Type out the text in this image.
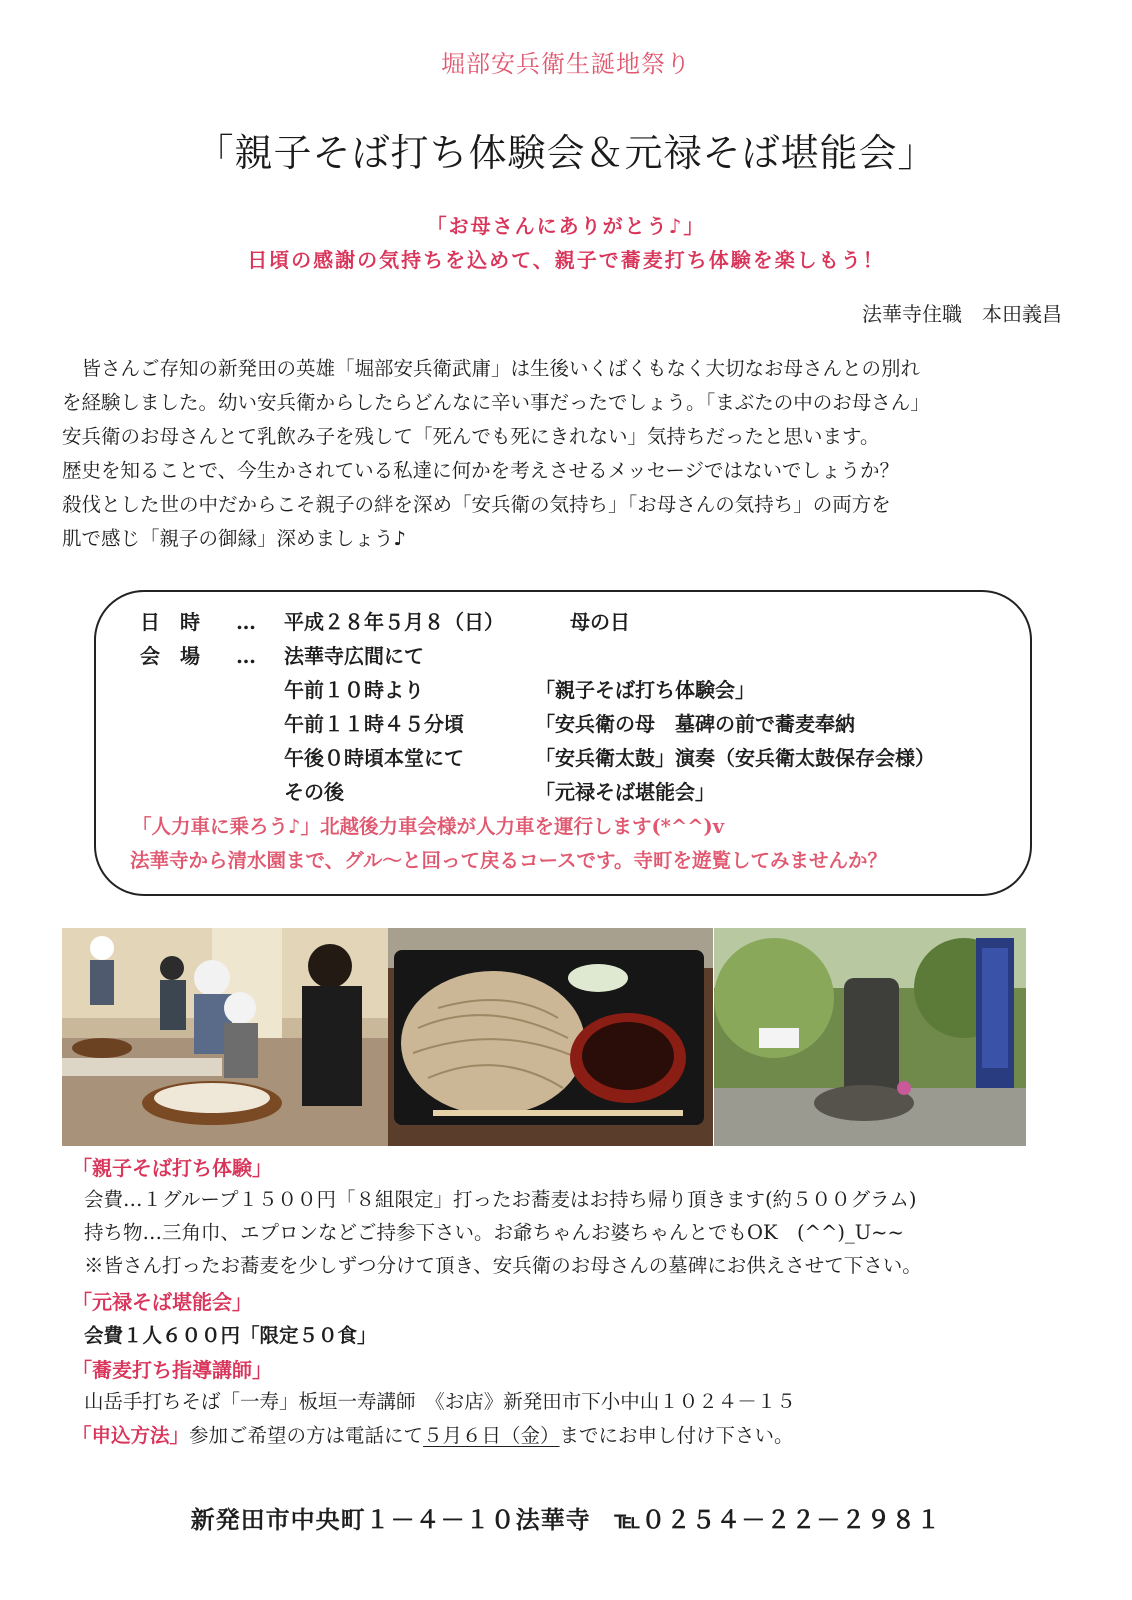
堀部安兵衛生誕地祭り
「親子そば打ち体験会＆元禄そば堪能会」
「お母さんにありがとう♪」
日頃の感謝の気持ちを込めて、親子で蕎麦打ち体験を楽しもう！
法華寺住職　本田義昌
　皆さんご存知の新発田の英雄「堀部安兵衛武庸」は生後いくばくもなく大切なお母さんとの別れ
を経験しました。幼い安兵衛からしたらどんなに辛い事だったでしょう。「まぶたの中のお母さん」
安兵衛のお母さんとて乳飲み子を残して「死んでも死にきれない」気持ちだったと思います。
歴史を知ることで、今生かされている私達に何かを考えさせるメッセージではないでしょうか？
殺伐とした世の中だからこそ親子の絆を深め「安兵衛の気持ち」「お母さんの気持ち」の両方を
肌で感じ「親子の御縁」深めましょう♪
日　時 … 平成２８年５月８（日）	母の日
会　場 … 法華寺広間にて
午前１０時より	「親子そば打ち体験会」
午前１１時４５分頃	「安兵衛の母　墓碑の前で蕎麦奉納
午後０時頃本堂にて	「安兵衛太鼓」演奏（安兵衛太鼓保存会様）
その後	「元禄そば堪能会」
「人力車に乗ろう♪」北越後力車会様が人力車を運行します(*^^)v
法華寺から清水園まで、グル～と回って戻るコースです。寺町を遊覧してみませんか？
「親子そば打ち体験」
会費…１グループ１５００円「８組限定」打ったお蕎麦はお持ち帰り頂きます(約５００グラム)
持ち物…三角巾、エプロンなどご持参下さい。お爺ちゃんお婆ちゃんとでもOK　(^^)_U~~
※皆さん打ったお蕎麦を少しずつ分けて頂き、安兵衛のお母さんの墓碑にお供えさせて下さい。
「元禄そば堪能会」
会費１人６００円「限定５０食」
「蕎麦打ち指導講師」
山岳手打ちそば「一寿」板垣一寿講師　《お店》新発田市下小中山１０２４－１５
「申込方法」参加ご希望の方は電話にて５月６日（金）までにお申し付け下さい。
新発田市中央町１－４－１０法華寺 ℡０２５４－２２－２９８１
